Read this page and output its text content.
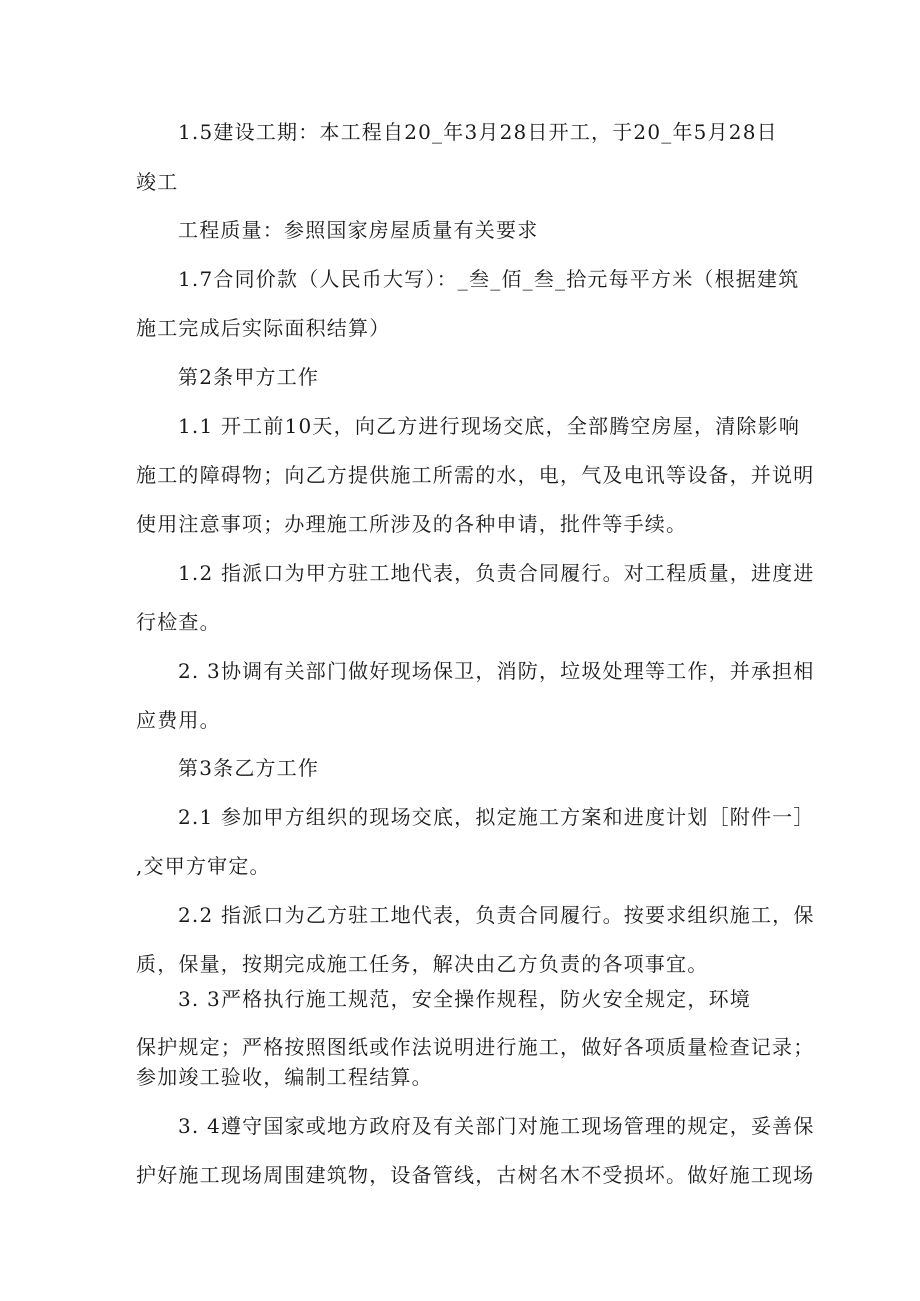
1.5建设工期：本工程自20_年3月28日开工，于20_年5月28日
竣工
工程质量：参照国家房屋质量有关要求
1.7合同价款（人民币大写）：_叁_佰_叁_拾元每平方米（根据建筑
施工完成后实际面积结算）
第2条甲方工作
1.1 开工前10天，向乙方进行现场交底，全部腾空房屋，清除影响
施工的障碍物；向乙方提供施工所需的水，电，气及电讯等设备，并说明
使用注意事项；办理施工所涉及的各种申请，批件等手续。
1.2 指派口为甲方驻工地代表，负责合同履行。对工程质量，进度进
行检查。
2. 3协调有关部门做好现场保卫，消防，垃圾处理等工作，并承担相
应费用。
第3条乙方工作
2.1 参加甲方组织的现场交底，拟定施工方案和进度计划［附件一］
,交甲方审定。
2.2 指派口为乙方驻工地代表，负责合同履行。按要求组织施工，保
质，保量，按期完成施工任务，解决由乙方负责的各项事宜。
3. 3严格执行施工规范，安全操作规程，防火安全规定，环境
保护规定；严格按照图纸或作法说明进行施工，做好各项质量检查记录；
参加竣工验收，编制工程结算。
3. 4遵守国家或地方政府及有关部门对施工现场管理的规定，妥善保
护好施工现场周围建筑物，设备管线，古树名木不受损坏。做好施工现场
